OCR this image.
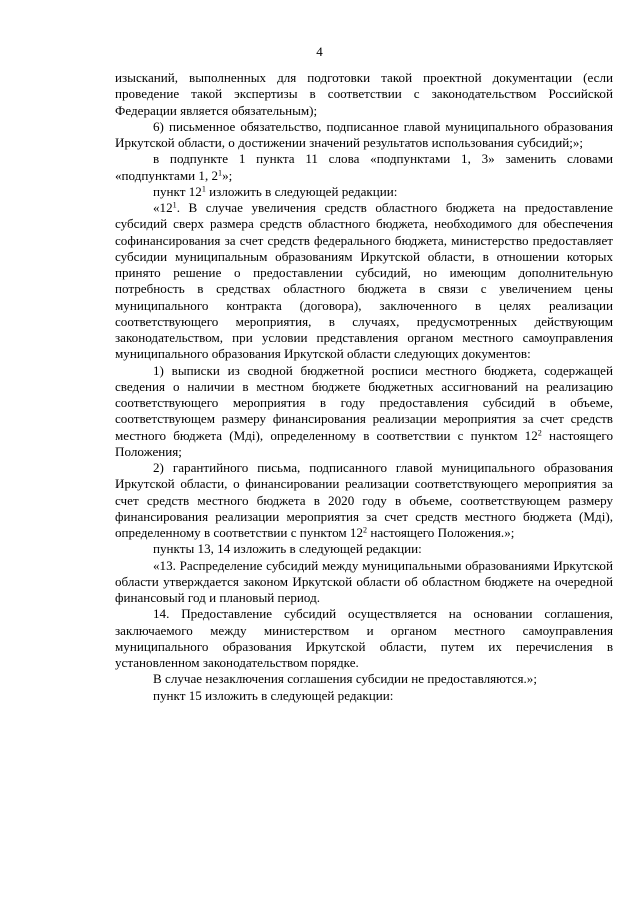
4

изысканий, выполненных для подготовки такой проектной документации (если проведение такой экспертизы в соответствии с законодательством Российской Федерации является обязательным);

6) письменное обязательство, подписанное главой муниципального образования Иркутской области, о достижении значений результатов использования субсидий;»;

в подпункте 1 пункта 11 слова «подпунктами 1, 3» заменить словами «подпунктами 1, $2^1$»;

пункт $12^1$ изложить в следующей редакции:

«$12^1$. В случае увеличения средств областного бюджета на предоставление субсидий сверх размера средств областного бюджета, необходимого для обеспечения софинансирования за счет средств федерального бюджета, министерство предоставляет субсидии муниципальным образованиям Иркутской области, в отношении которых принято решение о предоставлении субсидий, но имеющим дополнительную потребность в средствах областного бюджета в связи с увеличением цены муниципального контракта (договора), заключенного в целях реализации соответствующего мероприятия, в случаях, предусмотренных действующим законодательством, при условии представления органом местного самоуправления муниципального образования Иркутской области следующих документов:

1) выписки из сводной бюджетной росписи местного бюджета, содержащей сведения о наличии в местном бюджете бюджетных ассигнований на реализацию соответствующего мероприятия в году предоставления субсидий в объеме, соответствующем размеру финансирования реализации мероприятия за счет средств местного бюджета (Мдi), определенному в соответствии с пунктом $12^2$ настоящего Положения;

2) гарантийного письма, подписанного главой муниципального образования Иркутской области, о финансировании реализации соответствующего мероприятия за счет средств местного бюджета в 2020 году в объеме, соответствующем размеру финансирования реализации мероприятия за счет средств местного бюджета (Мдi), определенному в соответствии с пунктом $12^2$ настоящего Положения.»;

пункты 13, 14 изложить в следующей редакции:

«13. Распределение субсидий между муниципальными образованиями Иркутской области утверждается законом Иркутской области об областном бюджете на очередной финансовый год и плановый период.

14. Предоставление субсидий осуществляется на основании соглашения, заключаемого между министерством и органом местного самоуправления муниципального образования Иркутской области, путем их перечисления в установленном законодательством порядке.

В случае незаключения соглашения субсидии не предоставляются.»;

пункт 15 изложить в следующей редакции:
